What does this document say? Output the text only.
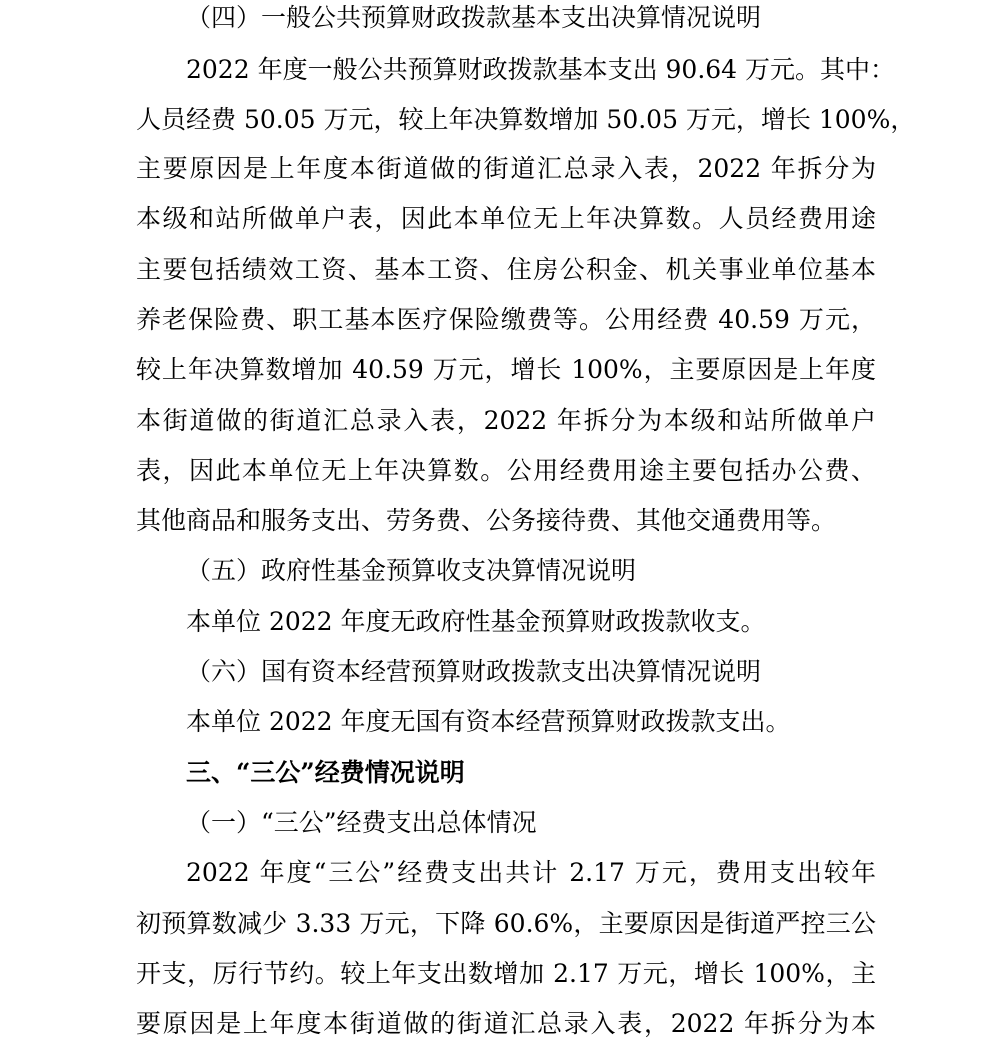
（四）一般公共预算财政拨款基本支出决算情况说明
2022 年度一般公共预算财政拨款基本支出 90.64 万元。其中：
人员经费 50.05 万元，较上年决算数增加 50.05 万元，增长 100%，
主要原因是上年度本街道做的街道汇总录入表，2022 年拆分为
本级和站所做单户表，因此本单位无上年决算数。人员经费用途
主要包括绩效工资、基本工资、住房公积金、机关事业单位基本
养老保险费、职工基本医疗保险缴费等。公用经费 40.59 万元，
较上年决算数增加 40.59 万元，增长 100%，主要原因是上年度
本街道做的街道汇总录入表，2022 年拆分为本级和站所做单户
表，因此本单位无上年决算数。公用经费用途主要包括办公费、
其他商品和服务支出、劳务费、公务接待费、其他交通费用等。
（五）政府性基金预算收支决算情况说明
本单位 2022 年度无政府性基金预算财政拨款收支。
（六）国有资本经营预算财政拨款支出决算情况说明
本单位 2022 年度无国有资本经营预算财政拨款支出。
三、“三公”经费情况说明
（一）“三公”经费支出总体情况
2022 年度“三公”经费支出共计 2.17 万元，费用支出较年
初预算数减少 3.33 万元，下降 60.6%，主要原因是街道严控三公
开支，厉行节约。较上年支出数增加 2.17 万元，增长 100%，主
要原因是上年度本街道做的街道汇总录入表，2022 年拆分为本
